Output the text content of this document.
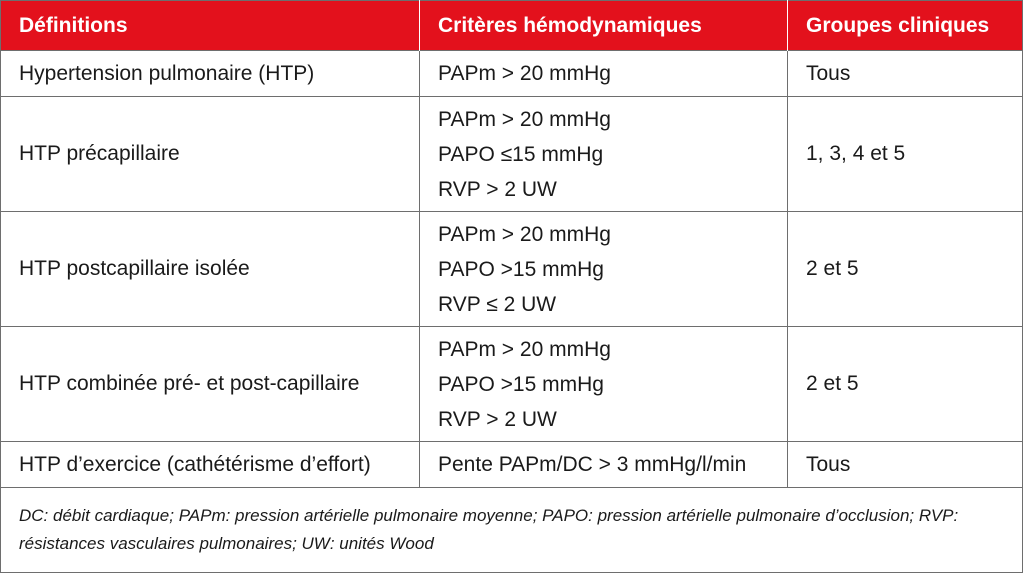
Définitions	Critères hémodynamiques	Groupes cliniques
Hypertension pulmonaire (HTP)	PAPm > 20 mmHg	Tous
HTP précapillaire	PAPm > 20 mmHg
PAPO ≤15 mmHg
RVP > 2 UW	1, 3, 4 et 5
HTP postcapillaire isolée	PAPm > 20 mmHg
PAPO >15 mmHg
RVP ≤ 2 UW	2 et 5
HTP combinée pré- et post-capillaire	PAPm > 20 mmHg
PAPO >15 mmHg
RVP > 2 UW	2 et 5
HTP d’exercice (cathétérisme d’effort)	Pente PAPm/DC > 3 mmHg/l/min	Tous
DC: débit cardiaque; PAPm: pression artérielle pulmonaire moyenne; PAPO: pression artérielle pulmonaire d’occlusion; RVP: résistances vasculaires pulmonaires; UW: unités Wood		
